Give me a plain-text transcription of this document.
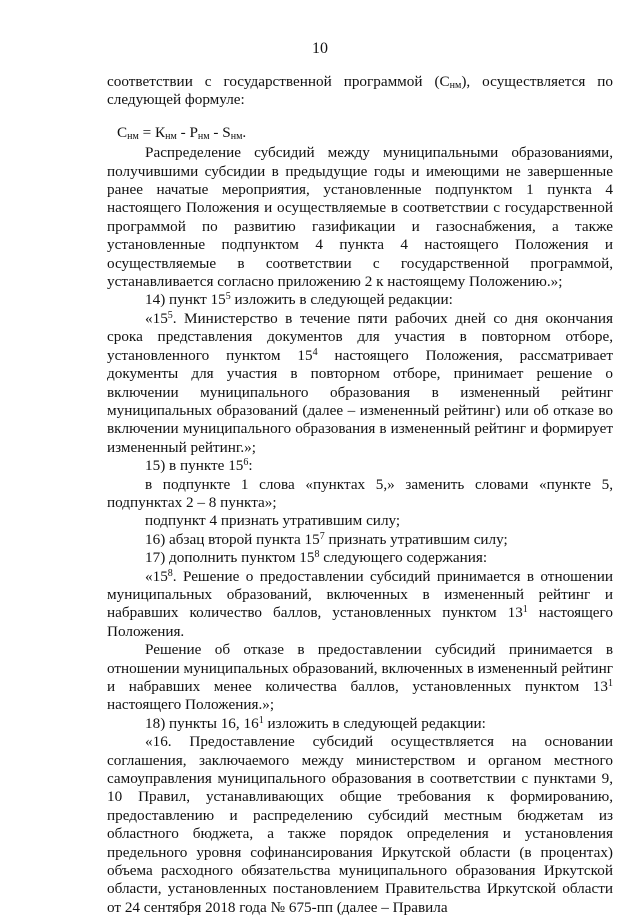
10

соответствии с государственной программой $(С_{нм})$, осуществляется по следующей формуле:

$С_{нм} = К_{нм} - Р_{нм} - S_{нм}$.

Распределение субсидий между муниципальными образованиями, получившими субсидии в предыдущие годы и имеющими не завершенные ранее начатые мероприятия, установленные подпунктом 1 пункта 4 настоящего Положения и осуществляемые в соответствии с государственной программой по развитию газификации и газоснабжения, а также установленные подпунктом 4 пункта 4 настоящего Положения и осуществляемые в соответствии с государственной программой, устанавливается согласно приложению 2 к настоящему Положению.»;

14) пункт $15^5$ изложить в следующей редакции:

«$15^5$. Министерство в течение пяти рабочих дней со дня окончания срока представления документов для участия в повторном отборе, установленного пунктом $15^4$ настоящего Положения, рассматривает документы для участия в повторном отборе, принимает решение о включении муниципального образования в измененный рейтинг муниципальных образований (далее – измененный рейтинг) или об отказе во включении муниципального образования в измененный рейтинг и формирует измененный рейтинг.»;

15) в пункте $15^6$:

в подпункте 1 слова «пунктах 5,» заменить словами «пункте 5, подпунктах 2 – 8 пункта»;

подпункт 4 признать утратившим силу;

16) абзац второй пункта $15^7$ признать утратившим силу;

17) дополнить пунктом $15^8$ следующего содержания:

«$15^8$. Решение о предоставлении субсидий принимается в отношении муниципальных образований, включенных в измененный рейтинг и набравших количество баллов, установленных пунктом $13^1$ настоящего Положения.

Решение об отказе в предоставлении субсидий принимается в отношении муниципальных образований, включенных в измененный рейтинг и набравших менее количества баллов, установленных пунктом $13^1$ настоящего Положения.»;

18) пункты 16, $16^1$ изложить в следующей редакции:

«16. Предоставление субсидий осуществляется на основании соглашения, заключаемого между министерством и органом местного самоуправления муниципального образования в соответствии с пунктами 9, 10 Правил, устанавливающих общие требования к формированию, предоставлению и распределению субсидий местным бюджетам из областного бюджета, а также порядок определения и установления предельного уровня софинансирования Иркутской области (в процентах) объема расходного обязательства муниципального образования Иркутской области, установленных постановлением Правительства Иркутской области от 24 сентября 2018 года № 675-пп (далее – Правила
